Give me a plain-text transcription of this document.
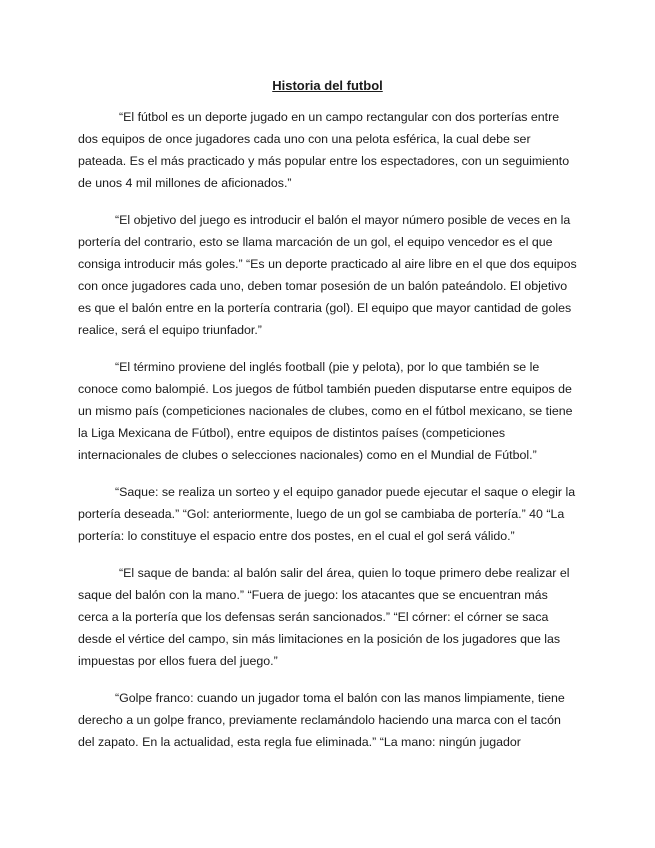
Historia del futbol

“El fútbol es un deporte jugado en un campo rectangular con dos porterías entre dos equipos de once jugadores cada uno con una pelota esférica, la cual debe ser pateada. Es el más practicado y más popular entre los espectadores, con un seguimiento de unos 4 mil millones de aficionados.”

“El objetivo del juego es introducir el balón el mayor número posible de veces en la portería del contrario, esto se llama marcación de un gol, el equipo vencedor es el que consiga introducir más goles.” “Es un deporte practicado al aire libre en el que dos equipos con once jugadores cada uno, deben tomar posesión de un balón pateándolo. El objetivo es que el balón entre en la portería contraria (gol). El equipo que mayor cantidad de goles realice, será el equipo triunfador.”

“El término proviene del inglés football (pie y pelota), por lo que también se le conoce como balompié. Los juegos de fútbol también pueden disputarse entre equipos de un mismo país (competiciones nacionales de clubes, como en el fútbol mexicano, se tiene la Liga Mexicana de Fútbol), entre equipos de distintos países (competiciones internacionales de clubes o selecciones nacionales) como en el Mundial de Fútbol.”

“Saque: se realiza un sorteo y el equipo ganador puede ejecutar el saque o elegir la portería deseada.” “Gol: anteriormente, luego de un gol se cambiaba de portería.” 40 “La portería: lo constituye el espacio entre dos postes, en el cual el gol será válido.”

“El saque de banda: al balón salir del área, quien lo toque primero debe realizar el saque del balón con la mano.” “Fuera de juego: los atacantes que se encuentran más cerca a la portería que los defensas serán sancionados.” “El córner: el córner se saca desde el vértice del campo, sin más limitaciones en la posición de los jugadores que las impuestas por ellos fuera del juego.”

“Golpe franco: cuando un jugador toma el balón con las manos limpiamente, tiene derecho a un golpe franco, previamente reclamándolo haciendo una marca con el tacón del zapato. En la actualidad, esta regla fue eliminada.” “La mano: ningún jugador
